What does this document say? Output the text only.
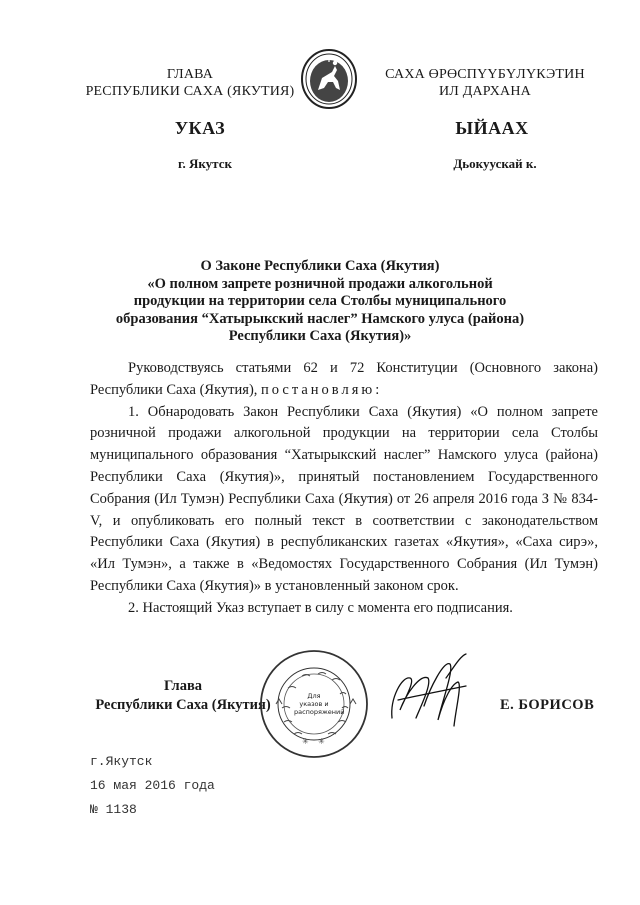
ГЛАВА
РЕСПУБЛИКИ САХА (ЯКУТИЯ)
САХА ӨРӨСПҮҮБҮЛҮКЭТИН
ИЛ ДАРХАНА
УКАЗ	ЫЙААХ
г. Якутск	Дьокуускай к.
О Законе Республики Саха (Якутия)
«О полном запрете розничной продажи алкогольной
продукции на территории села Столбы муниципального
образования “Хатырыкский наслег” Намского улуса (района)
Республики Саха (Якутия)»

Руководствуясь статьями 62 и 72 Конституции (Основного закона) Республики Саха (Якутия), постановляю:

1. Обнародовать Закон Республики Саха (Якутия) «О полном запрете розничной продажи алкогольной продукции на территории села Столбы муниципального образования “Хатырыкский наслег” Намского улуса (района) Республики Саха (Якутия)», принятый постановлением Государственного Собрания (Ил Тумэн) Республики Саха (Якутия) от 26 апреля 2016 года З № 834-V, и опубликовать его полный текст в соответствии с законодательством Республики Саха (Якутия) в республиканских газетах «Якутия», «Саха сирэ», «Ил Тумэн», а также в «Ведомостях Государственного Собрания (Ил Тумэн) Республики Саха (Якутия)» в установленный законом срок.

2. Настоящий Указ вступает в силу с момента его подписания.

Глава
Республики Саха (Якутия)
✳ ✳
Для
указов и
распоряжений	Е. БОРИСОВ
г.Якутск
16 мая 2016 года
№ 1138
